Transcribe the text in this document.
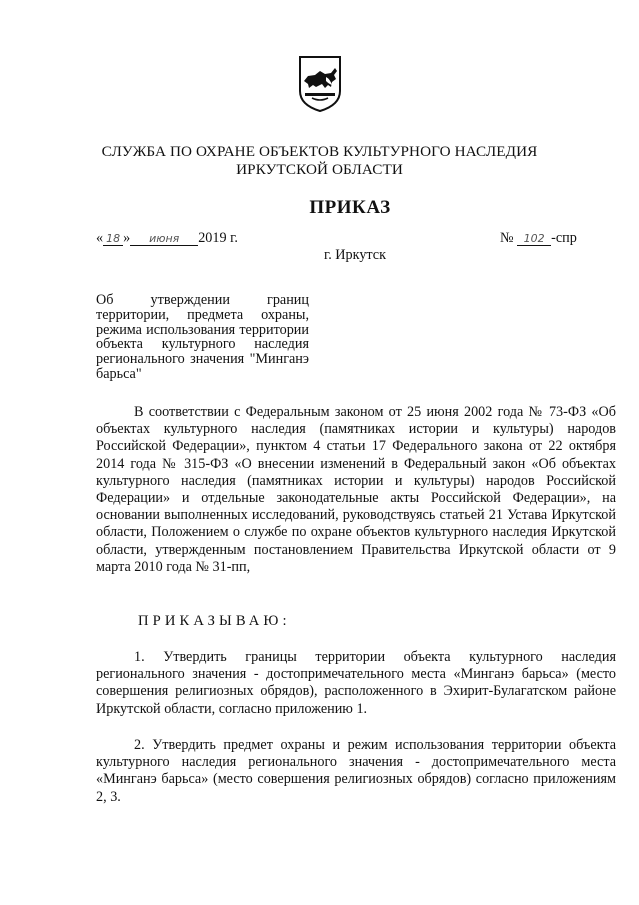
СЛУЖБА ПО ОХРАНЕ ОБЪЕКТОВ КУЛЬТУРНОГО НАСЛЕДИЯ
ИРКУТСКОЙ ОБЛАСТИ
ПРИКАЗ
« 18 » июня 2019 г.	№ 102 -спр
г. Иркутск
Об утверждении границ территории, предмета охраны, режима использования территории объекта культурного наследия регионального значения "Минганэ барьса"
В соответствии с Федеральным законом от 25 июня 2002 года № 73-ФЗ «Об объектах культурного наследия (памятниках истории и культуры) народов Российской Федерации», пунктом 4 статьи 17 Федерального закона от 22 октября 2014 года № 315-ФЗ «О внесении изменений в Федеральный закон «Об объектах культурного наследия (памятниках истории и культуры) народов Российской Федерации» и отдельные законодательные акты Российской Федерации», на основании выполненных исследований, руководствуясь статьей 21 Устава Иркутской области, Положением о службе по охране объектов культурного наследия Иркутской области, утвержденным постановлением Правительства Иркутской области от 9 марта 2010 года № 31-пп,
ПРИКАЗЫВАЮ:
1. Утвердить границы территории объекта культурного наследия регионального значения - достопримечательного места «Минганэ барьса» (место совершения религиозных обрядов), расположенного в Эхирит-Булагатском районе Иркутской области, согласно приложению 1.
2. Утвердить предмет охраны и режим использования территории объекта культурного наследия регионального значения - достопримечательного места «Минганэ барьса» (место совершения религиозных обрядов) согласно приложениям 2, 3.
